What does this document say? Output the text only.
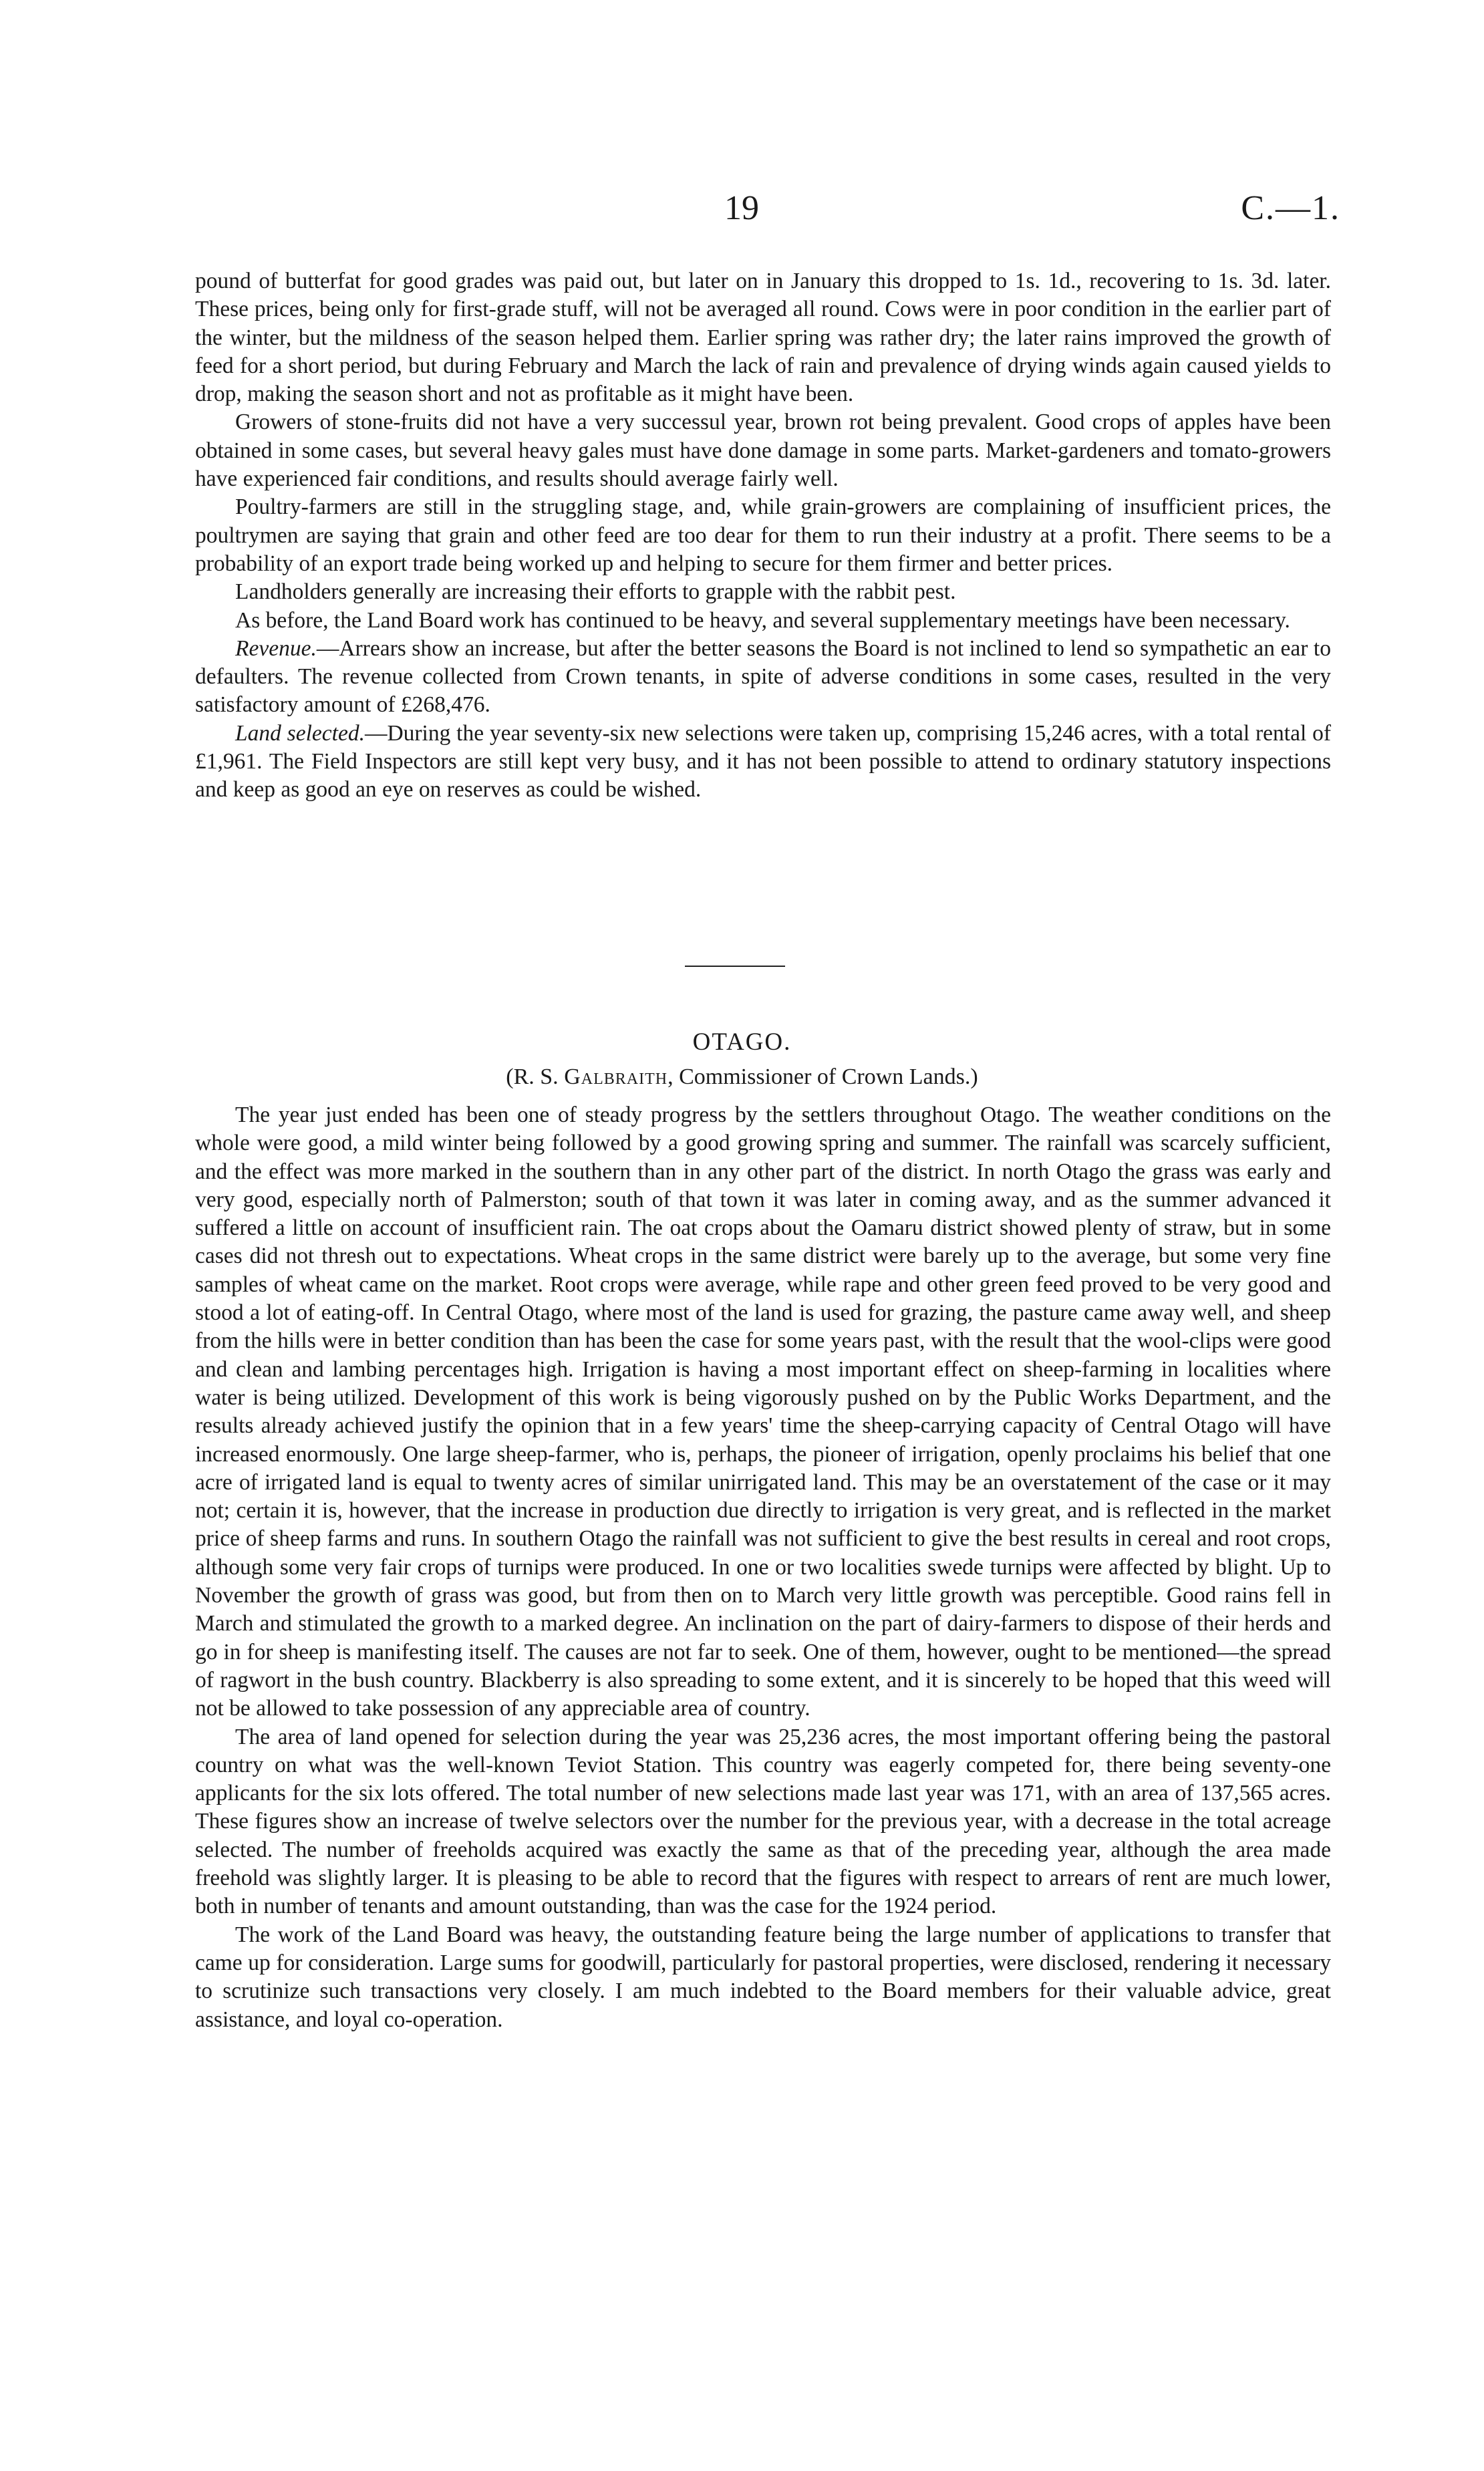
19	C.—1.

pound of butterfat for good grades was paid out, but later on in January this dropped to 1s. 1d., recovering to 1s. 3d. later. These prices, being only for first-grade stuff, will not be averaged all round. Cows were in poor condition in the earlier part of the winter, but the mildness of the season helped them. Earlier spring was rather dry; the later rains improved the growth of feed for a short period, but during February and March the lack of rain and prevalence of drying winds again caused yields to drop, making the season short and not as profitable as it might have been.

Growers of stone-fruits did not have a very successul year, brown rot being prevalent. Good crops of apples have been obtained in some cases, but several heavy gales must have done damage in some parts. Market-gardeners and tomato-growers have experienced fair conditions, and results should average fairly well.

Poultry-farmers are still in the struggling stage, and, while grain-growers are complaining of insufficient prices, the poultrymen are saying that grain and other feed are too dear for them to run their industry at a profit. There seems to be a probability of an export trade being worked up and helping to secure for them firmer and better prices.

Landholders generally are increasing their efforts to grapple with the rabbit pest.

As before, the Land Board work has continued to be heavy, and several supplementary meetings have been necessary.

Revenue.—Arrears show an increase, but after the better seasons the Board is not inclined to lend so sympathetic an ear to defaulters. The revenue collected from Crown tenants, in spite of adverse conditions in some cases, resulted in the very satisfactory amount of £268,476.

Land selected.—During the year seventy-six new selections were taken up, comprising 15,246 acres, with a total rental of £1,961. The Field Inspectors are still kept very busy, and it has not been possible to attend to ordinary statutory inspections and keep as good an eye on reserves as could be wished.

OTAGO.
(R. S. Galbraith, Commissioner of Crown Lands.)

The year just ended has been one of steady progress by the settlers throughout Otago. The weather conditions on the whole were good, a mild winter being followed by a good growing spring and summer. The rainfall was scarcely sufficient, and the effect was more marked in the southern than in any other part of the district. In north Otago the grass was early and very good, especially north of Palmerston; south of that town it was later in coming away, and as the summer advanced it suffered a little on account of insufficient rain. The oat crops about the Oamaru district showed plenty of straw, but in some cases did not thresh out to expectations. Wheat crops in the same district were barely up to the average, but some very fine samples of wheat came on the market. Root crops were average, while rape and other green feed proved to be very good and stood a lot of eating-off. In Central Otago, where most of the land is used for grazing, the pasture came away well, and sheep from the hills were in better condition than has been the case for some years past, with the result that the wool-clips were good and clean and lambing percentages high. Irrigation is having a most important effect on sheep-farming in localities where water is being utilized. Development of this work is being vigorously pushed on by the Public Works Department, and the results already achieved justify the opinion that in a few years' time the sheep-carrying capacity of Central Otago will have increased enormously. One large sheep-farmer, who is, perhaps, the pioneer of irrigation, openly proclaims his belief that one acre of irrigated land is equal to twenty acres of similar unirrigated land. This may be an overstatement of the case or it may not; certain it is, however, that the increase in production due directly to irrigation is very great, and is reflected in the market price of sheep farms and runs. In southern Otago the rainfall was not sufficient to give the best results in cereal and root crops, although some very fair crops of turnips were produced. In one or two localities swede turnips were affected by blight. Up to November the growth of grass was good, but from then on to March very little growth was perceptible. Good rains fell in March and stimulated the growth to a marked degree. An inclination on the part of dairy-farmers to dispose of their herds and go in for sheep is manifesting itself. The causes are not far to seek. One of them, however, ought to be mentioned—the spread of ragwort in the bush country. Blackberry is also spreading to some extent, and it is sincerely to be hoped that this weed will not be allowed to take possession of any appreciable area of country.

The area of land opened for selection during the year was 25,236 acres, the most important offering being the pastoral country on what was the well-known Teviot Station. This country was eagerly competed for, there being seventy-one applicants for the six lots offered. The total number of new selections made last year was 171, with an area of 137,565 acres. These figures show an increase of twelve selectors over the number for the previous year, with a decrease in the total acreage selected. The number of freeholds acquired was exactly the same as that of the preceding year, although the area made freehold was slightly larger. It is pleasing to be able to record that the figures with respect to arrears of rent are much lower, both in number of tenants and amount outstanding, than was the case for the 1924 period.

The work of the Land Board was heavy, the outstanding feature being the large number of applications to transfer that came up for consideration. Large sums for goodwill, particularly for pastoral properties, were disclosed, rendering it necessary to scrutinize such transactions very closely. I am much indebted to the Board members for their valuable advice, great assistance, and loyal co-operation.
